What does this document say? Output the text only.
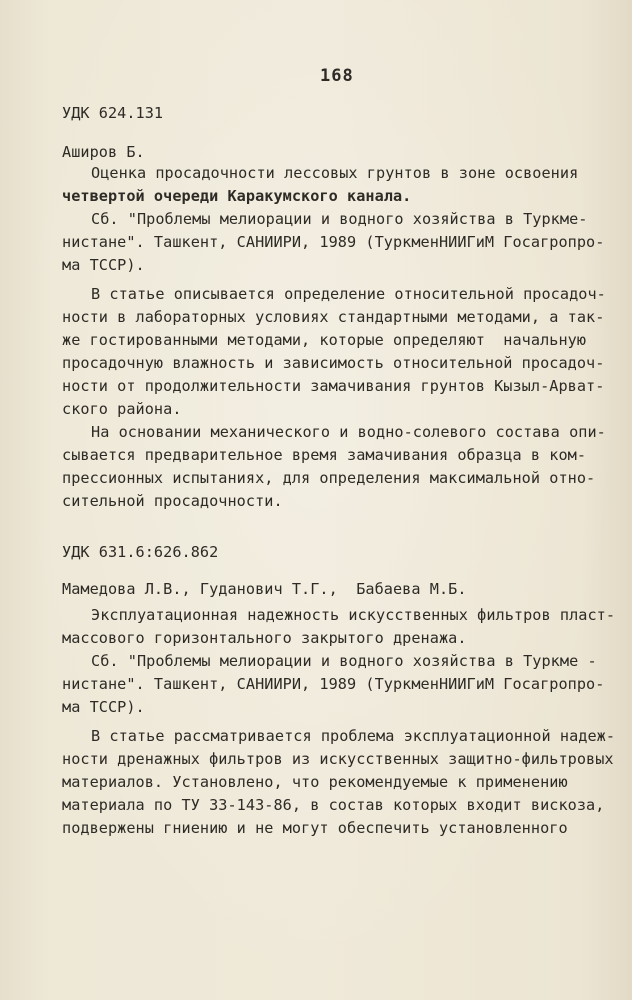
168
УДК 624.131
Аширов Б.
Оценка просадочности лессовых грунтов в зоне освоения
четвертой очереди Каракумского канала.
Сб. "Проблемы мелиорации и водного хозяйства в Туркме-
нистане". Ташкент, САНИИРИ, 1989 (ТуркменНИИГиМ Госагропро-
ма ТССР).
В статье описывается определение относительной просадоч-
ности в лабораторных условиях стандартными методами, а так-
же гостированными методами, которые определяют  начальную
просадочную влажность и зависимость относительной просадоч-
ности от продолжительности замачивания грунтов Кызыл-Арват-
ского района.
На основании механического и водно-солевого состава опи-
сывается предварительное время замачивания образца в ком-
прессионных испытаниях, для определения максимальной отно-
сительной просадочности.
УДК 631.6:626.862
Мамедова Л.В., Гуданович Т.Г.,  Бабаева М.Б.
Эксплуатационная надежность искусственных фильтров пласт-
массового горизонтального закрытого дренажа.
Сб. "Проблемы мелиорации и водного хозяйства в Туркме -
нистане". Ташкент, САНИИРИ, 1989 (ТуркменНИИГиМ Госагропро-
ма ТССР).
В статье рассматривается проблема эксплуатационной надеж-
ности дренажных фильтров из искусственных защитно-фильтровых
материалов. Установлено, что рекомендуемые к применению
материала по ТУ 33-143-86, в состав которых входит вискоза,
подвержены гниению и не могут обеспечить установленного
